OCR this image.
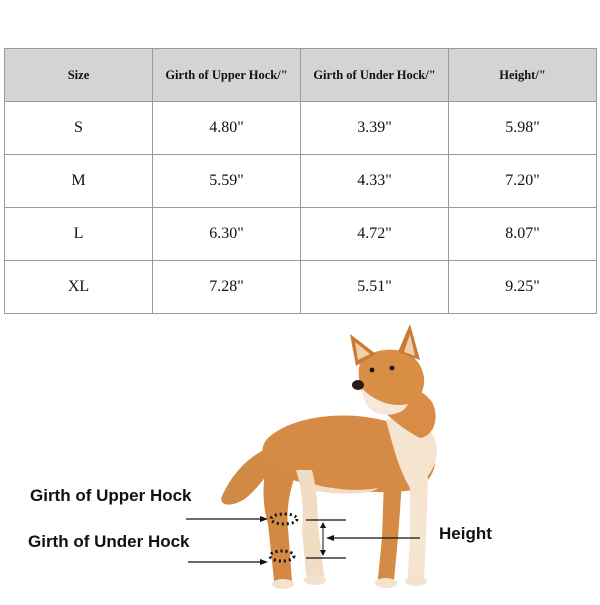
Size	Girth of Upper Hock/"	Girth of Under Hock/"	Height/"
S	4.80"	3.39"	5.98"
M	5.59"	4.33"	7.20"
L	6.30"	4.72"	8.07"
XL	7.28"	5.51"	9.25"
Girth of Upper Hock
Girth of Under Hock	Height
